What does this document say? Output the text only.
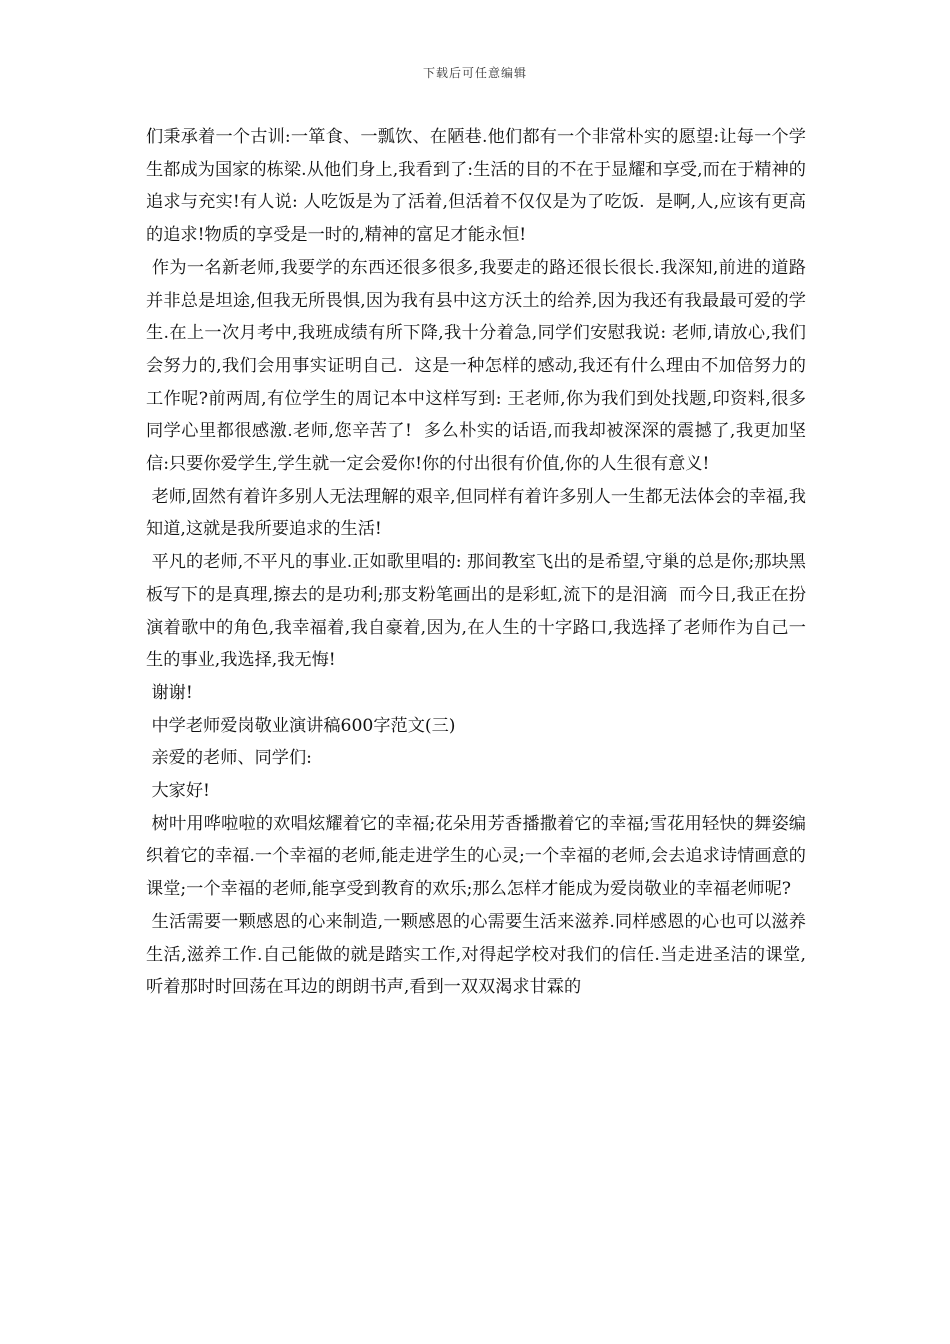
下载后可任意编辑

们秉承着一个古训:一箪食、一瓢饮、在陋巷.他们都有一个非常朴实的愿望:让每一个学生都成为国家的栋梁.从他们身上,我看到了:生活的目的不在于显耀和享受,而在于精神的追求与充实!有人说: 人吃饭是为了活着,但活着不仅仅是为了吃饭.  是啊,人,应该有更高的追求!物质的享受是一时的,精神的富足才能永恒!

作为一名新老师,我要学的东西还很多很多,我要走的路还很长很长.我深知,前进的道路并非总是坦途,但我无所畏惧,因为我有县中这方沃土的给养,因为我还有我最最可爱的学生.在上一次月考中,我班成绩有所下降,我十分着急,同学们安慰我说: 老师,请放心,我们会努力的,我们会用事实证明自己.  这是一种怎样的感动,我还有什么理由不加倍努力的工作呢?前两周,有位学生的周记本中这样写到: 王老师,你为我们到处找题,印资料,很多同学心里都很感激.老师,您辛苦了!  多么朴实的话语,而我却被深深的震撼了,我更加坚信:只要你爱学生,学生就一定会爱你!你的付出很有价值,你的人生很有意义!

老师,固然有着许多别人无法理解的艰辛,但同样有着许多别人一生都无法体会的幸福,我知道,这就是我所要追求的生活!

平凡的老师,不平凡的事业.正如歌里唱的: 那间教室飞出的是希望,守巢的总是你;那块黑板写下的是真理,擦去的是功利;那支粉笔画出的是彩虹,流下的是泪滴  而今日,我正在扮演着歌中的角色,我幸福着,我自豪着,因为,在人生的十字路口,我选择了老师作为自己一生的事业,我选择,我无悔!

谢谢!

中学老师爱岗敬业演讲稿600字范文(三)

亲爱的老师、同学们:

大家好!

树叶用哗啦啦的欢唱炫耀着它的幸福;花朵用芳香播撒着它的幸福;雪花用轻快的舞姿编织着它的幸福.一个幸福的老师,能走进学生的心灵;一个幸福的老师,会去追求诗情画意的课堂;一个幸福的老师,能享受到教育的欢乐;那么怎样才能成为爱岗敬业的幸福老师呢?

生活需要一颗感恩的心来制造,一颗感恩的心需要生活来滋养.同样感恩的心也可以滋养生活,滋养工作.自己能做的就是踏实工作,对得起学校对我们的信任.当走进圣洁的课堂,听着那时时回荡在耳边的朗朗书声,看到一双双渴求甘霖的
